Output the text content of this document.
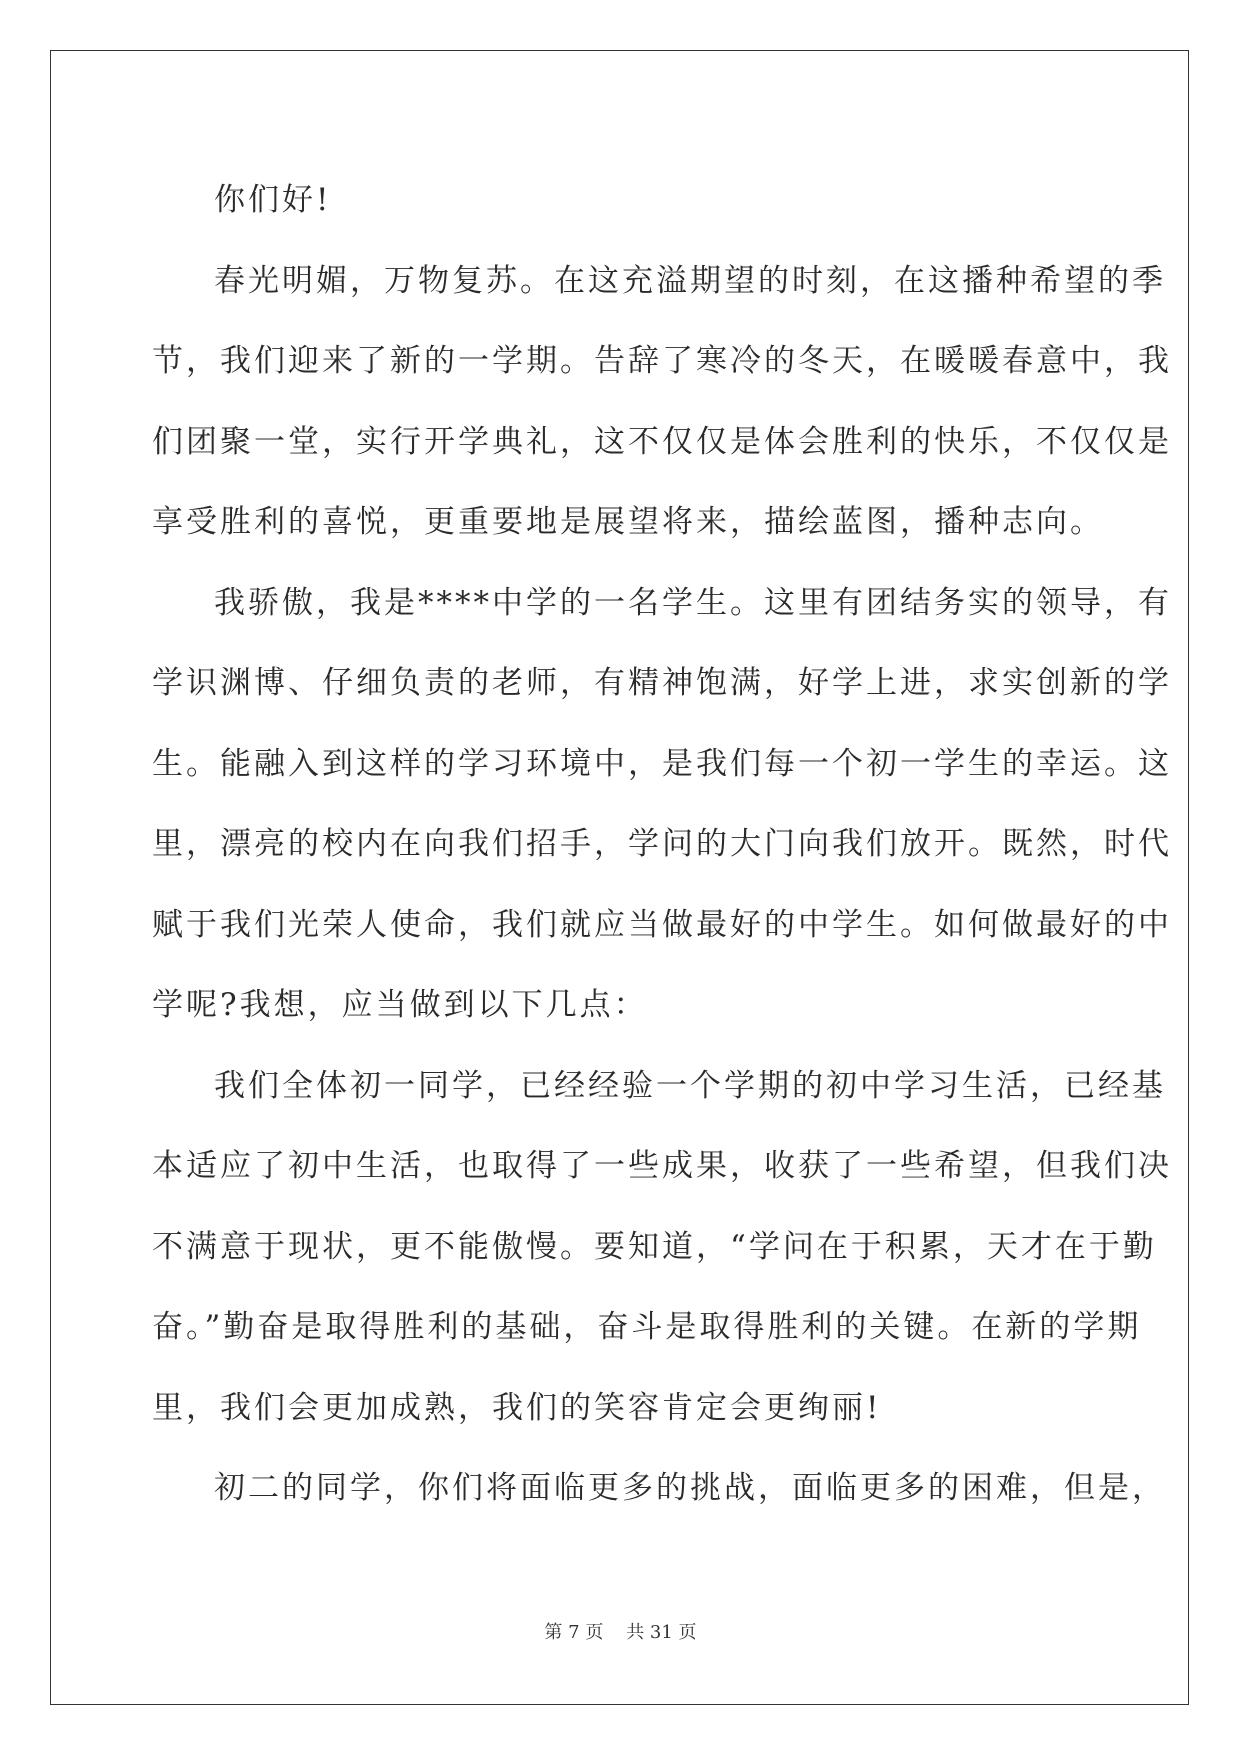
你们好!

春光明媚，万物复苏。在这充溢期望的时刻，在这播种希望的季

节，我们迎来了新的一学期。告辞了寒冷的冬天，在暖暖春意中，我

们团聚一堂，实行开学典礼，这不仅仅是体会胜利的快乐，不仅仅是

享受胜利的喜悦，更重要地是展望将来，描绘蓝图，播种志向。

我骄傲，我是****中学的一名学生。这里有团结务实的领导，有

学识渊博、仔细负责的老师，有精神饱满，好学上进，求实创新的学

生。能融入到这样的学习环境中，是我们每一个初一学生的幸运。这

里，漂亮的校内在向我们招手，学问的大门向我们放开。既然，时代

赋于我们光荣人使命，我们就应当做最好的中学生。如何做最好的中

学呢?我想，应当做到以下几点：

我们全体初一同学，已经经验一个学期的初中学习生活，已经基

本适应了初中生活，也取得了一些成果，收获了一些希望，但我们决

不满意于现状，更不能傲慢。要知道，“学问在于积累，天才在于勤

奋。”勤奋是取得胜利的基础，奋斗是取得胜利的关键。在新的学期

里，我们会更加成熟，我们的笑容肯定会更绚丽!

初二的同学，你们将面临更多的挑战，面临更多的困难，但是，

第 7 页    共 31 页
